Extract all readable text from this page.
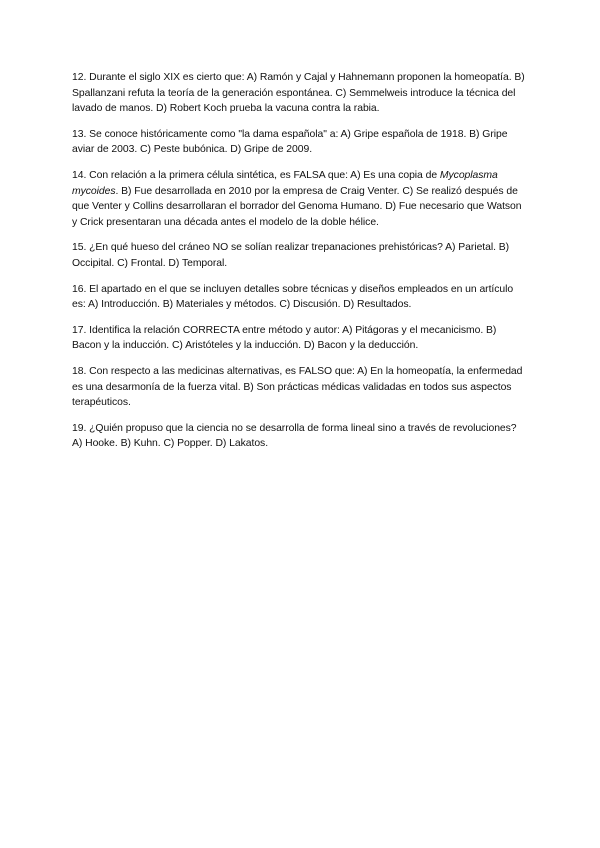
12. Durante el siglo XIX es cierto que: A) Ramón y Cajal y Hahnemann proponen la homeopatía. B) Spallanzani refuta la teoría de la generación espontánea. C) Semmelweis introduce la técnica del lavado de manos. D) Robert Koch prueba la vacuna contra la rabia.

13. Se conoce históricamente como "la dama española" a: A) Gripe española de 1918. B) Gripe aviar de 2003. C) Peste bubónica. D) Gripe de 2009.

14. Con relación a la primera célula sintética, es FALSA que: A) Es una copia de Mycoplasma mycoides. B) Fue desarrollada en 2010 por la empresa de Craig Venter. C) Se realizó después de que Venter y Collins desarrollaran el borrador del Genoma Humano. D) Fue necesario que Watson y Crick presentaran una década antes el modelo de la doble hélice.

15. ¿En qué hueso del cráneo NO se solían realizar trepanaciones prehistóricas? A) Parietal. B) Occipital. C) Frontal. D) Temporal.

16. El apartado en el que se incluyen detalles sobre técnicas y diseños empleados en un artículo es: A) Introducción. B) Materiales y métodos. C) Discusión. D) Resultados.

17. Identifica la relación CORRECTA entre método y autor: A) Pitágoras y el mecanicismo. B) Bacon y la inducción. C) Aristóteles y la inducción. D) Bacon y la deducción.

18. Con respecto a las medicinas alternativas, es FALSO que: A) En la homeopatía, la enfermedad es una desarmonía de la fuerza vital. B) Son prácticas médicas validadas en todos sus aspectos terapéuticos.

19. ¿Quién propuso que la ciencia no se desarrolla de forma lineal sino a través de revoluciones? A) Hooke. B) Kuhn. C) Popper. D) Lakatos.
